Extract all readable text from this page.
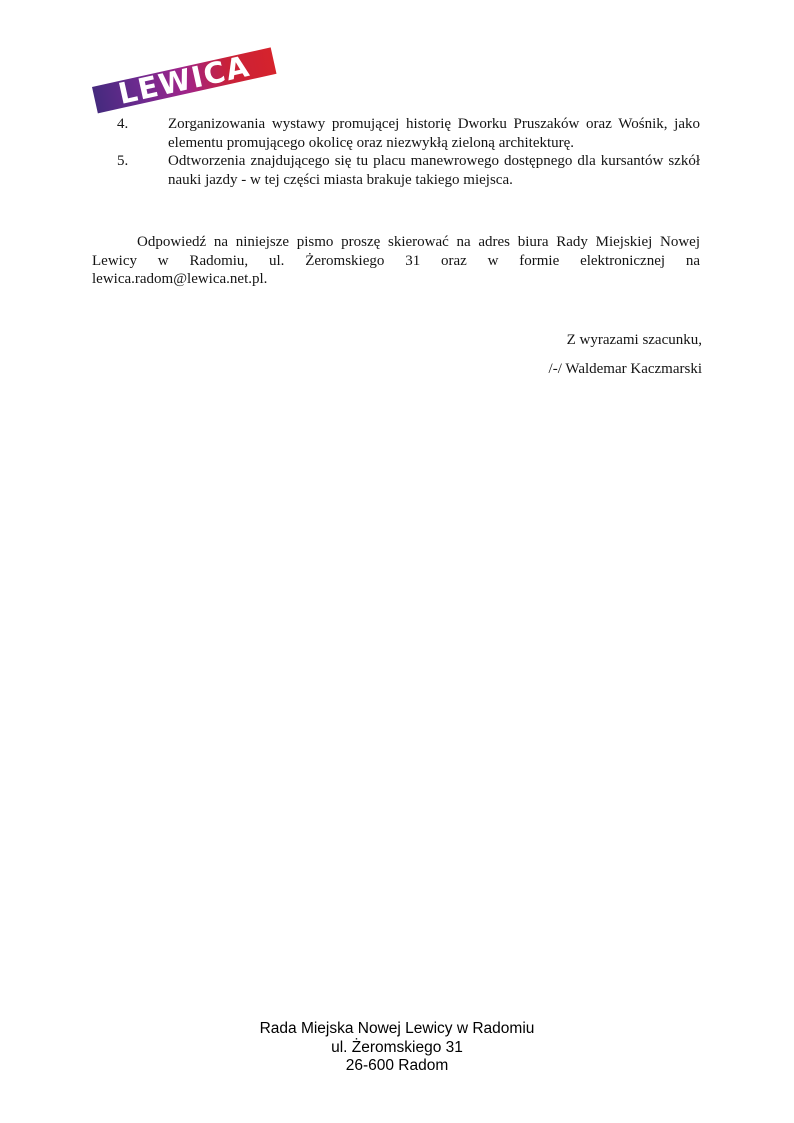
LEWICA
4.	Zorganizowania wystawy promującej historię Dworku Pruszaków oraz Wośnik, jako
elementu promującego okolicę oraz niezwykłą zieloną architekturę.
5.	Odtworzenia znajdującego się tu placu manewrowego dostępnego dla kursantów szkół
nauki jazdy - w tej części miasta brakuje takiego miejsca.
Odpowiedź na niniejsze pismo proszę skierować na adres biura Rady Miejskiej Nowej
Lewicy w Radomiu, ul. Żeromskiego 31 oraz w formie elektronicznej na
lewica.radom@lewica.net.pl.
Z wyrazami szacunku,
/-/ Waldemar Kaczmarski
Rada Miejska Nowej Lewicy w Radomiu
ul. Żeromskiego 31
26-600 Radom
